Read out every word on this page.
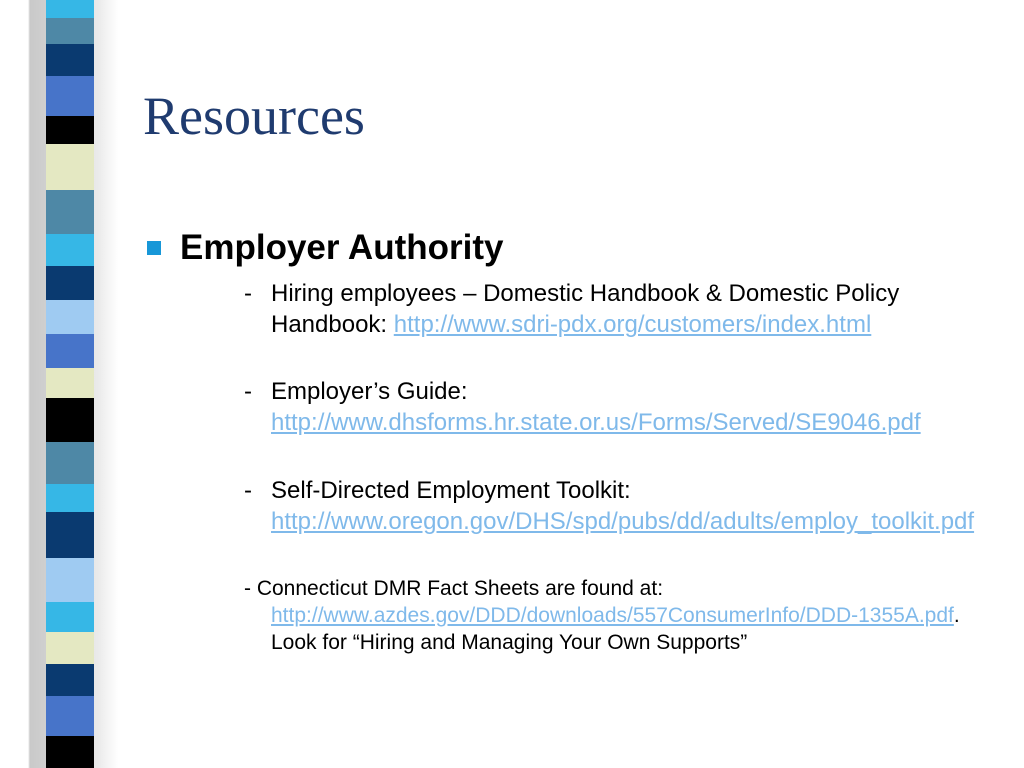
Resources
Employer Authority
- Hiring employees – Domestic Handbook & Domestic Policy Handbook: http://www.sdri-pdx.org/customers/index.html
- Employer’s Guide:
http://www.dhsforms.hr.state.or.us/Forms/Served/SE9046.pdf
- Self-Directed Employment Toolkit:
http://www.oregon.gov/DHS/spd/pubs/dd/adults/employ_toolkit.pdf
- Connecticut DMR Fact Sheets are found at:
http://www.azdes.gov/DDD/downloads/557ConsumerInfo/DDD-1355A.pdf. Look for “Hiring and Managing Your Own Supports”
